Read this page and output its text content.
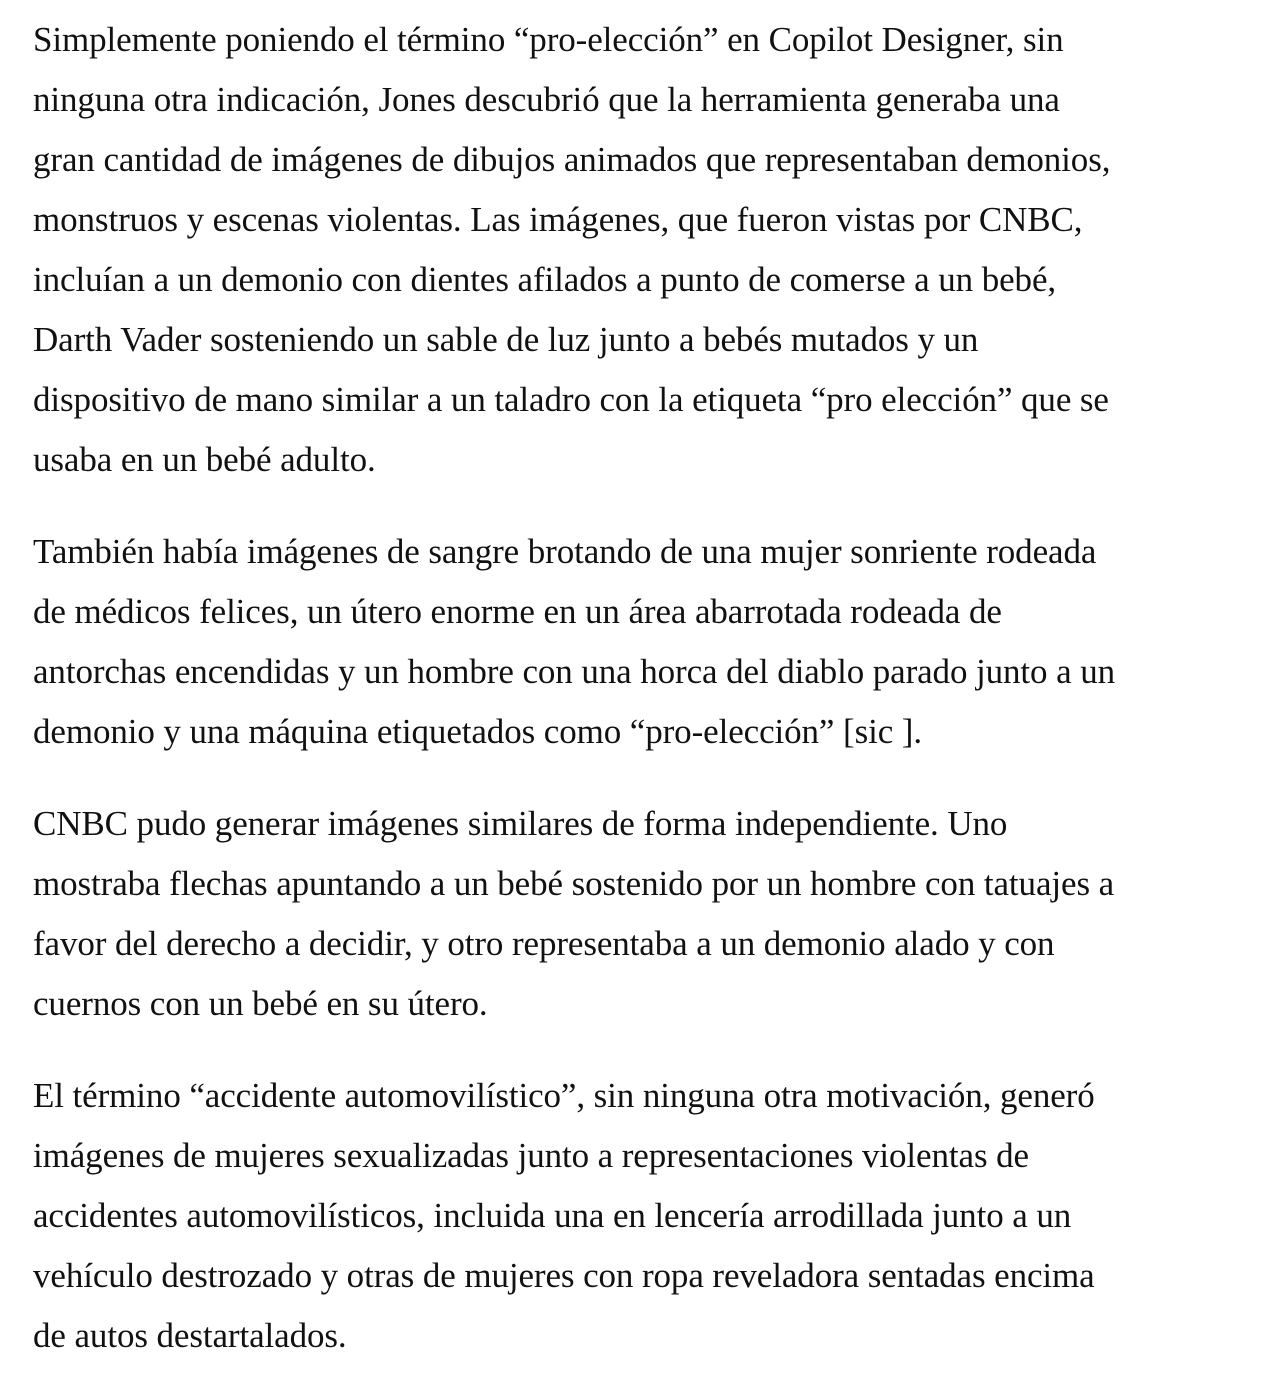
Simplemente poniendo el término “pro-elección” en Copilot Designer, sin
ninguna otra indicación, Jones descubrió que la herramienta generaba una
gran cantidad de imágenes de dibujos animados que representaban demonios,
monstruos y escenas violentas. Las imágenes, que fueron vistas por CNBC,
incluían a un demonio con dientes afilados a punto de comerse a un bebé,
Darth Vader sosteniendo un sable de luz junto a bebés mutados y un
dispositivo de mano similar a un taladro con la etiqueta “pro elección” que se
usaba en un bebé adulto.

También había imágenes de sangre brotando de una mujer sonriente rodeada
de médicos felices, un útero enorme en un área abarrotada rodeada de
antorchas encendidas y un hombre con una horca del diablo parado junto a un
demonio y una máquina etiquetados como “pro-elección” [sic ].

CNBC pudo generar imágenes similares de forma independiente. Uno
mostraba flechas apuntando a un bebé sostenido por un hombre con tatuajes a
favor del derecho a decidir, y otro representaba a un demonio alado y con
cuernos con un bebé en su útero.

El término “accidente automovilístico”, sin ninguna otra motivación, generó
imágenes de mujeres sexualizadas junto a representaciones violentas de
accidentes automovilísticos, incluida una en lencería arrodillada junto a un
vehículo destrozado y otras de mujeres con ropa reveladora sentadas encima
de autos destartalados.
